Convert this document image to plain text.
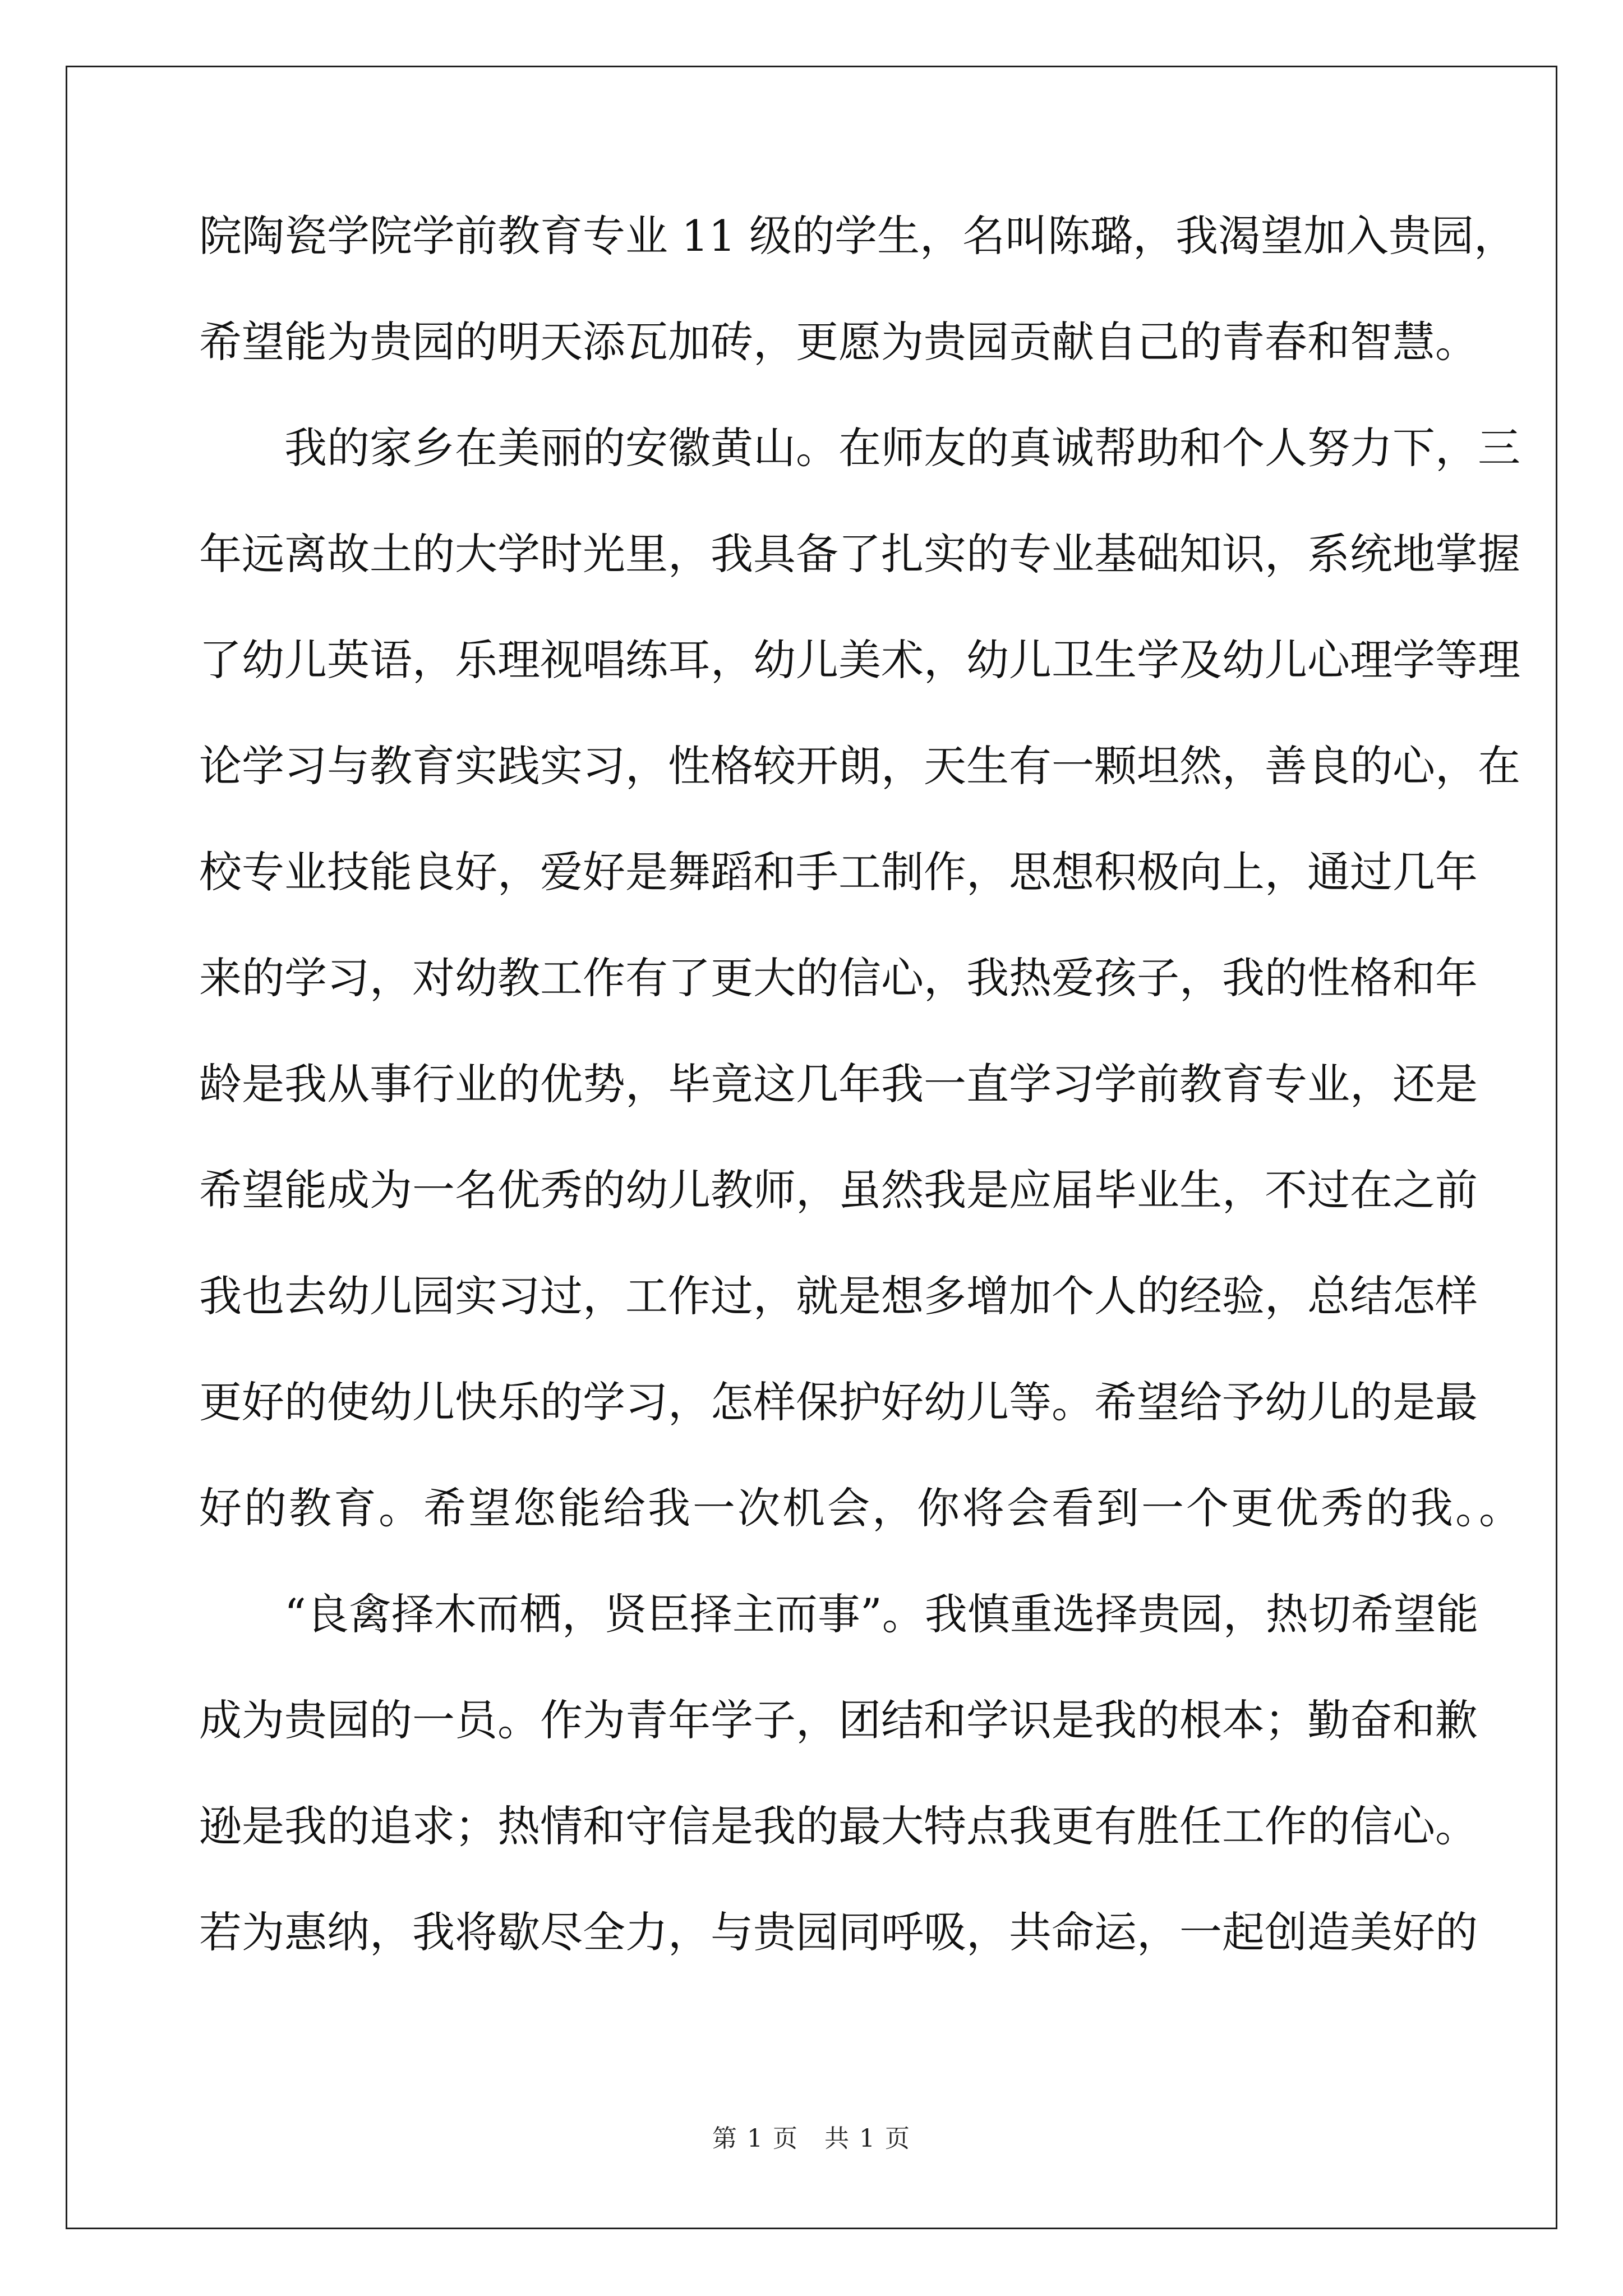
院陶瓷学院学前教育专业 11 级的学生，名叫陈璐，我渴望加入贵园，
希望能为贵园的明天添瓦加砖，更愿为贵园贡献自己的青春和智慧。
我的家乡在美丽的安徽黄山。在师友的真诚帮助和个人努力下，三
年远离故土的大学时光里，我具备了扎实的专业基础知识，系统地掌握
了幼儿英语，乐理视唱练耳，幼儿美术，幼儿卫生学及幼儿心理学等理
论学习与教育实践实习，性格较开朗，天生有一颗坦然，善良的心，在
校专业技能良好，爱好是舞蹈和手工制作，思想积极向上，通过几年
来的学习，对幼教工作有了更大的信心，我热爱孩子，我的性格和年
龄是我从事行业的优势，毕竟这几年我一直学习学前教育专业，还是
希望能成为一名优秀的幼儿教师，虽然我是应届毕业生，不过在之前
我也去幼儿园实习过，工作过，就是想多增加个人的经验，总结怎样
更好的使幼儿快乐的学习，怎样保护好幼儿等。希望给予幼儿的是最
好的教育。希望您能给我一次机会，你将会看到一个更优秀的我。。
“良禽择木而栖，贤臣择主而事”。我慎重选择贵园，热切希望能
成为贵园的一员。作为青年学子，团结和学识是我的根本；勤奋和歉
逊是我的追求；热情和守信是我的最大特点我更有胜任工作的信心。
若为惠纳，我将歇尽全力，与贵园同呼吸，共命运，一起创造美好的
第 1 页　共 1 页
